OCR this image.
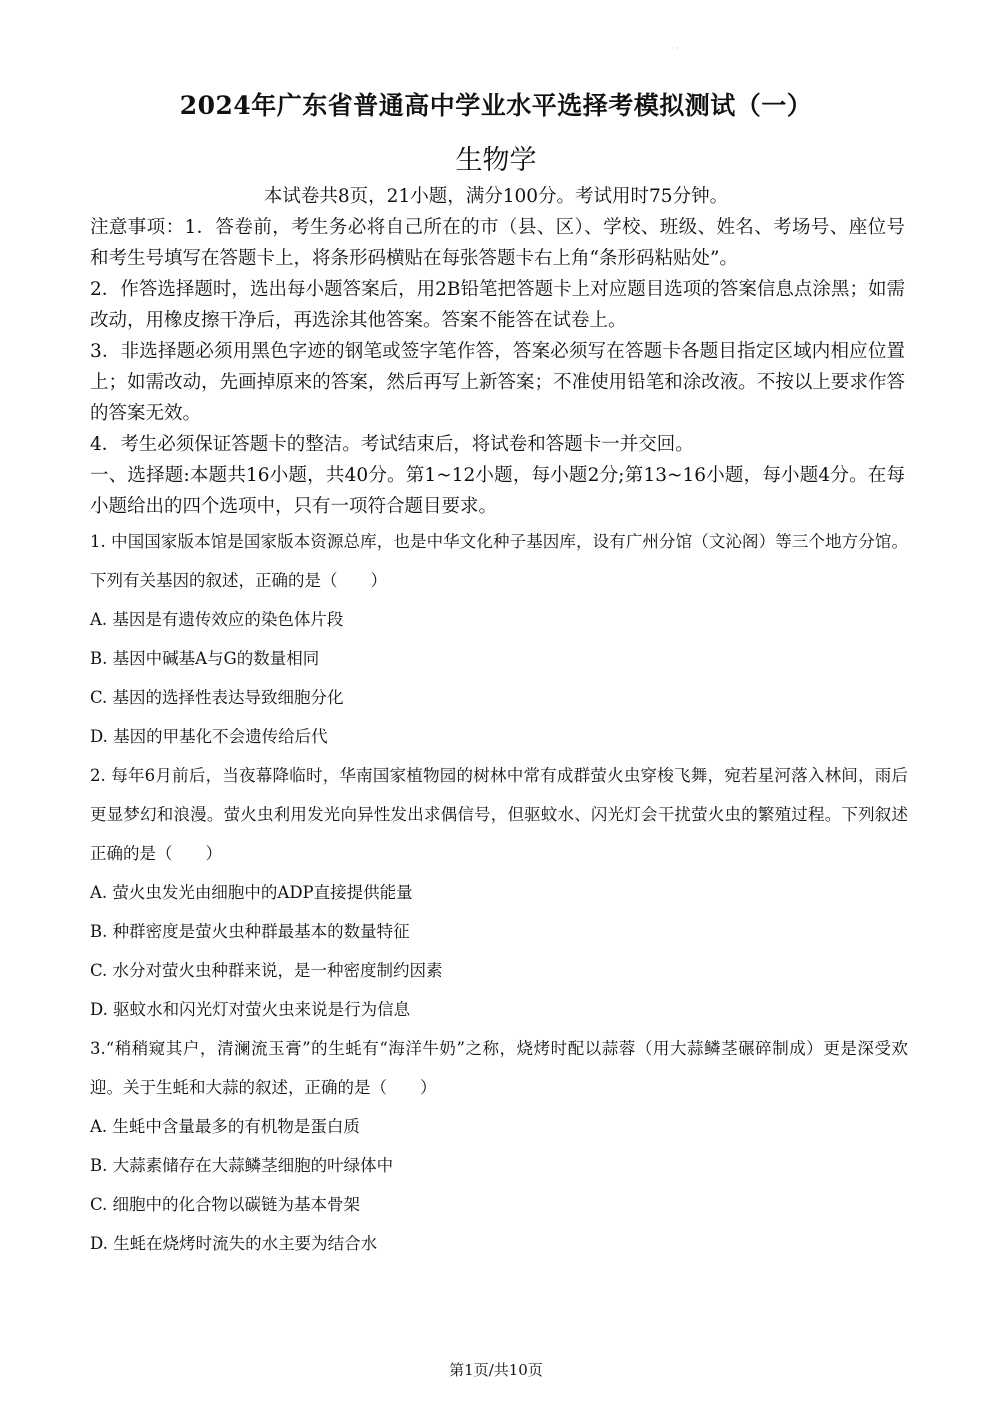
·
2024年广东省普通高中学业水平选择考模拟测试（一）
生物学
本试卷共8页，21小题，满分100分。考试用时75分钟。

注意事项：1．答卷前，考生务必将自己所在的市（县、区）、学校、班级、姓名、考场号、座位号和考生号填写在答题卡上，将条形码横贴在每张答题卡右上角“条形码粘贴处”。

2．作答选择题时，选出每小题答案后，用2B铅笔把答题卡上对应题目选项的答案信息点涂黑；如需改动，用橡皮擦干净后，再选涂其他答案。答案不能答在试卷上。

3．非选择题必须用黑色字迹的钢笔或签字笔作答，答案必须写在答题卡各题目指定区域内相应位置上；如需改动，先画掉原来的答案，然后再写上新答案；不准使用铅笔和涂改液。不按以上要求作答的答案无效。

4．考生必须保证答题卡的整洁。考试结束后，将试卷和答题卡一并交回。

一、选择题:本题共16小题，共40分。第1~12小题，每小题2分;第13~16小题，每小题4分。在每小题给出的四个选项中，只有一项符合题目要求。

1. 中国国家版本馆是国家版本资源总库，也是中华文化种子基因库，设有广州分馆（文沁阁）等三个地方分馆。下列有关基因的叙述，正确的是（　　）

A. 基因是有遗传效应的染色体片段

B. 基因中碱基A与G的数量相同

C. 基因的选择性表达导致细胞分化

D. 基因的甲基化不会遗传给后代

2. 每年6月前后，当夜幕降临时，华南国家植物园的树林中常有成群萤火虫穿梭飞舞，宛若星河落入林间，雨后更显梦幻和浪漫。萤火虫利用发光向异性发出求偶信号，但驱蚊水、闪光灯会干扰萤火虫的繁殖过程。下列叙述正确的是（　　）

A. 萤火虫发光由细胞中的ADP直接提供能量

B. 种群密度是萤火虫种群最基本的数量特征

C. 水分对萤火虫种群来说，是一种密度制约因素

D. 驱蚊水和闪光灯对萤火虫来说是行为信息

3.“稍稍窥其户，清澜流玉膏”的生蚝有“海洋牛奶”之称，烧烤时配以蒜蓉（用大蒜鳞茎碾碎制成）更是深受欢迎。关于生蚝和大蒜的叙述，正确的是（　　）

A. 生蚝中含量最多的有机物是蛋白质

B. 大蒜素储存在大蒜鳞茎细胞的叶绿体中

C. 细胞中的化合物以碳链为基本骨架

D. 生蚝在烧烤时流失的水主要为结合水

第1页/共10页
